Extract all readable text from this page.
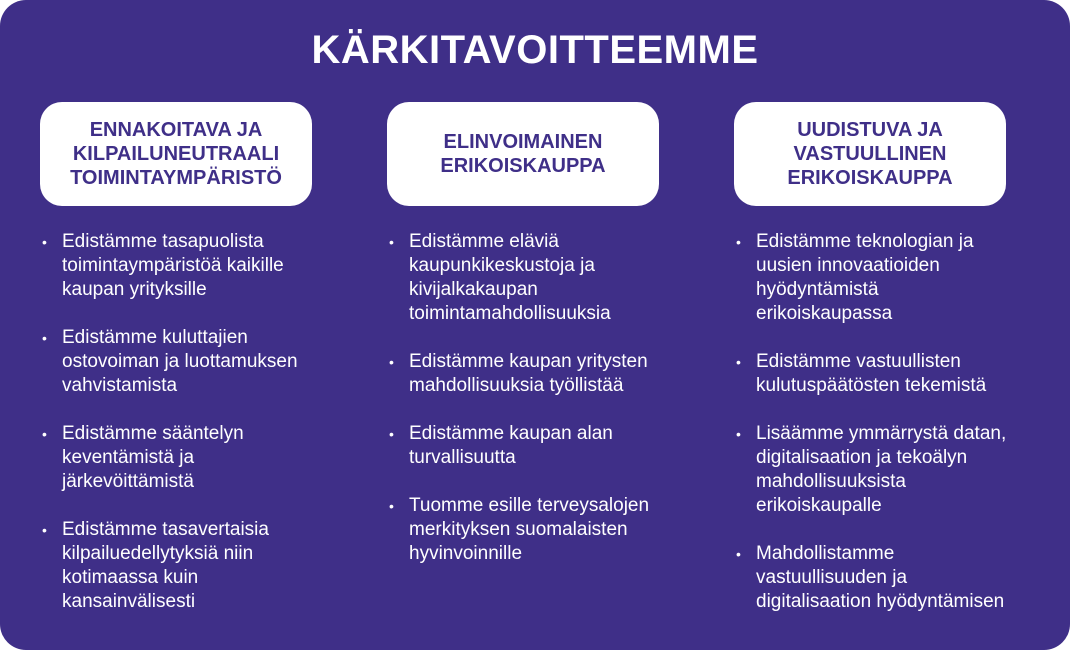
KÄRKITAVOITTEEMME
ENNAKOITAVA JA
KILPAILUNEUTRAALI
TOIMINTAYMPÄRISTÖ
• Edistämme tasapuolista
toimintaympäristöä kaikille
kaupan yrityksille
• Edistämme kuluttajien
ostovoiman ja luottamuksen
vahvistamista
• Edistämme sääntelyn
keventämistä ja
järkevöittämistä
• Edistämme tasavertaisia
kilpailuedellytyksiä niin
kotimaassa kuin
kansainvälisesti
ELINVOIMAINEN
ERIKOISKAUPPA
• Edistämme eläviä
kaupunkikeskustoja ja
kivijalkakaupan
toimintamahdollisuuksia
• Edistämme kaupan yritysten
mahdollisuuksia työllistää
• Edistämme kaupan alan
turvallisuutta
• Tuomme esille terveysalojen
merkityksen suomalaisten
hyvinvoinnille
UUDISTUVA JA
VASTUULLINEN
ERIKOISKAUPPA
• Edistämme teknologian ja
uusien innovaatioiden
hyödyntämistä
erikoiskaupassa
• Edistämme vastuullisten
kulutuspäätösten tekemistä
• Lisäämme ymmärrystä datan,
digitalisaation ja tekoälyn
mahdollisuuksista
erikoiskaupalle
• Mahdollistamme
vastuullisuuden ja
digitalisaation hyödyntämisen
